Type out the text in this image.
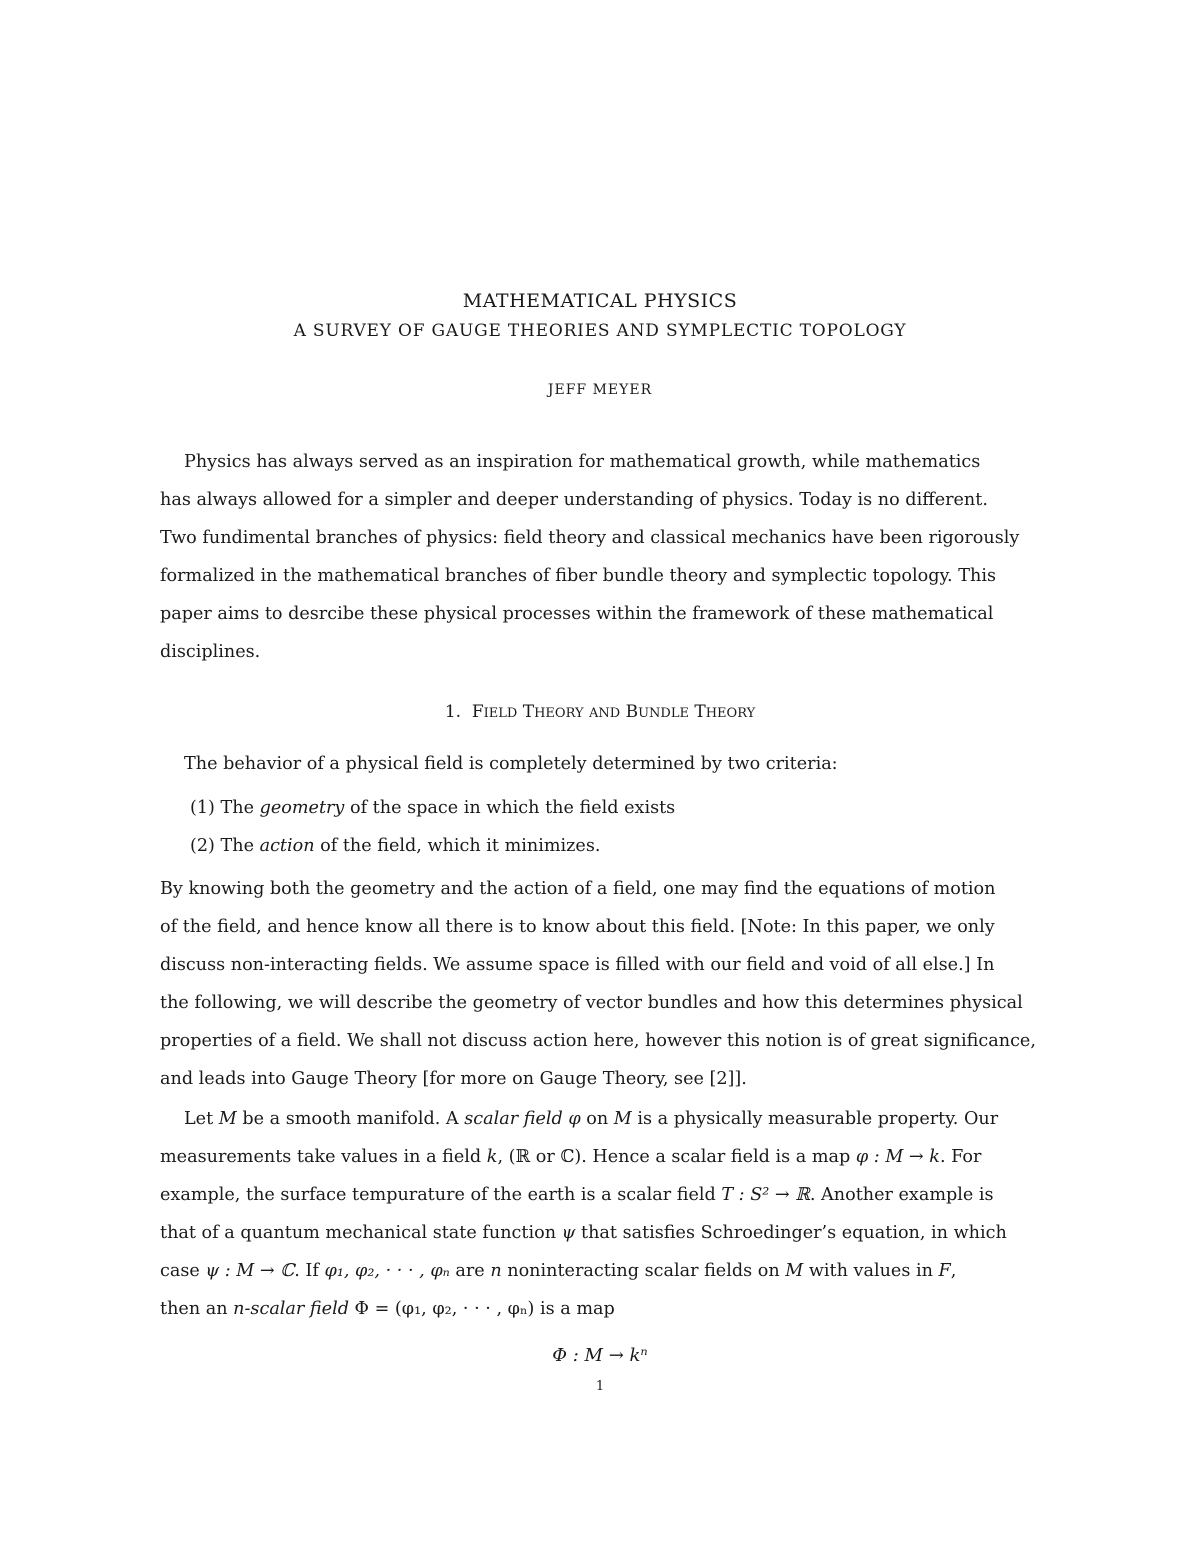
MATHEMATICAL PHYSICS
A SURVEY OF GAUGE THEORIES AND SYMPLECTIC TOPOLOGY
JEFF MEYER
Physics has always served as an inspiration for mathematical growth, while mathematics
has always allowed for a simpler and deeper understanding of physics. Today is no different.
Two fundimental branches of physics: field theory and classical mechanics have been rigorously
formalized in the mathematical branches of fiber bundle theory and symplectic topology. This
paper aims to desrcibe these physical processes within the framework of these mathematical
disciplines.
1. FIELD THEORY AND BUNDLE THEORY
The behavior of a physical field is completely determined by two criteria:
(1) The geometry of the space in which the field exists
(2) The action of the field, which it minimizes.
By knowing both the geometry and the action of a field, one may find the equations of motion
of the field, and hence know all there is to know about this field. [Note: In this paper, we only
discuss non-interacting fields. We assume space is filled with our field and void of all else.] In
the following, we will describe the geometry of vector bundles and how this determines physical
properties of a field. We shall not discuss action here, however this notion is of great significance,
and leads into Gauge Theory [for more on Gauge Theory, see [2]].
Let M be a smooth manifold. A scalar field φ on M is a physically measurable property. Our
measurements take values in a field k, (ℝ or ℂ). Hence a scalar field is a map φ : M → k. For
example, the surface tempurature of the earth is a scalar field T : S² → ℝ. Another example is
that of a quantum mechanical state function ψ that satisfies Schroedinger’s equation, in which
case ψ : M → ℂ. If φ₁, φ₂, · · · , φₙ are n noninteracting scalar fields on M with values in F,
then an n-scalar field Φ = (φ₁, φ₂, · · · , φₙ) is a map
Φ : M → kⁿ
1
